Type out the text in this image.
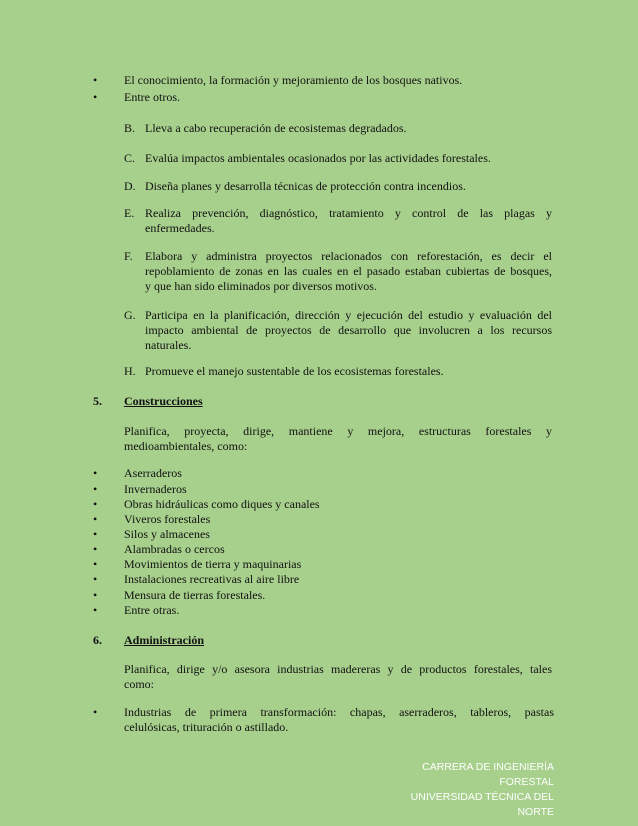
•	El conocimiento, la formación y mejoramiento de los bosques nativos.
•	Entre otros.
B. Lleva a cabo recuperación de ecosistemas degradados.
C. Evalúa impactos ambientales ocasionados por las actividades forestales.
D. Diseña planes y desarrolla técnicas de protección contra incendios.
E. Realiza prevención, diagnóstico, tratamiento y control de las plagas y
enfermedades.
F.	Elabora y administra proyectos relacionados con reforestación, es decir el
repoblamiento de zonas en las cuales en el pasado estaban cubiertas de bosques,
y que han sido eliminados por diversos motivos.
G. Participa en la planificación, dirección y ejecución del estudio y evaluación del
impacto ambiental de proyectos de desarrollo que involucren a los recursos
naturales.
H. Promueve el manejo sustentable de los ecosistemas forestales.
5. Construcciones
Planifica, proyecta, dirige, mantiene y mejora, estructuras forestales y
medioambientales, como:
•	Aserraderos
•	Invernaderos
•	Obras hidráulicas como diques y canales
•	Viveros forestales
•	Silos y almacenes
•	Alambradas o cercos
•	Movimientos de tierra y maquinarias
•	Instalaciones recreativas al aire libre
•	Mensura de tierras forestales.
•	Entre otras.
6. Administración
Planifica, dirige y/o asesora industrias madereras y de productos forestales, tales
como:
•	Industrias de primera transformación: chapas, aserraderos, tableros, pastas
celulósicas, trituración o astillado.
CARRERA DE INGENIERÍA FORESTAL
UNIVERSIDAD TÉCNICA DEL NORTE
